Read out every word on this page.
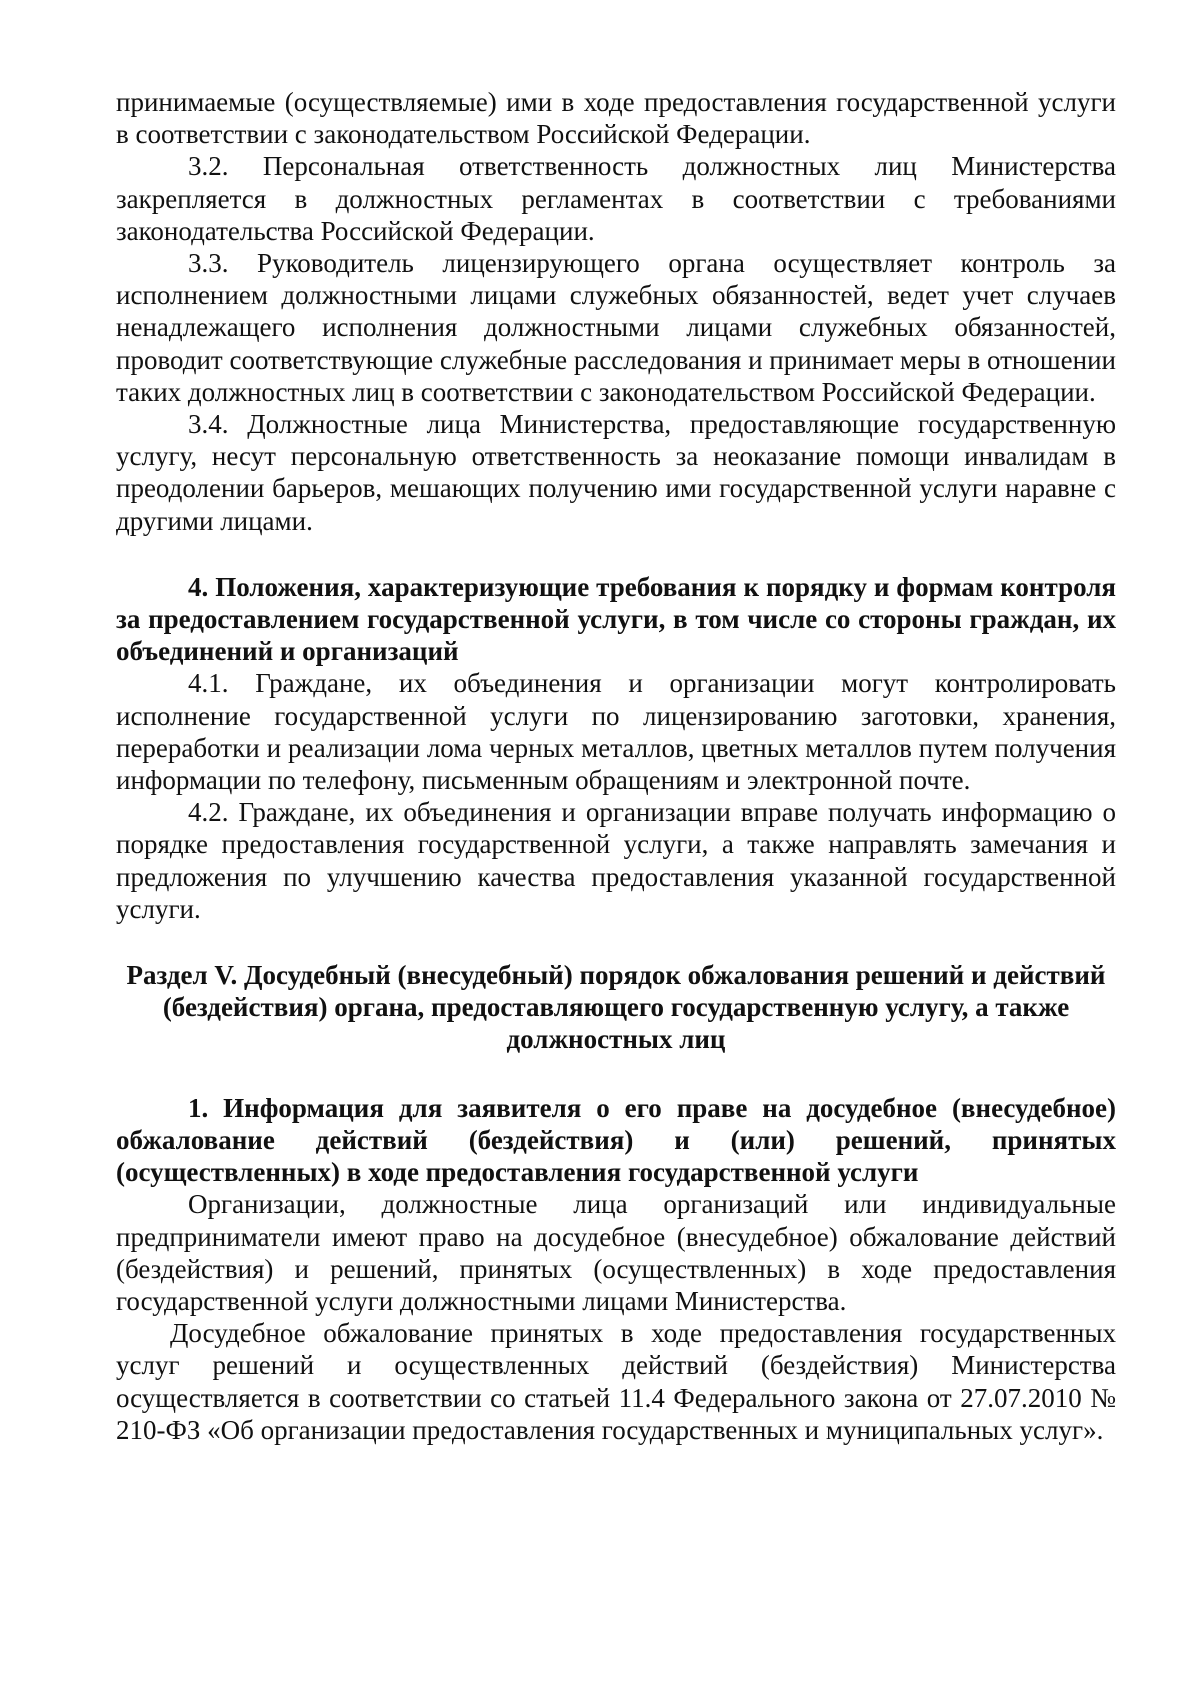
принимаемые (осуществляемые) ими в ходе предоставления государственной услуги в соответствии с законодательством Российской Федерации.

3.2. Персональная ответственность должностных лиц Министерства закрепляется в должностных регламентах в соответствии с требованиями законодательства Российской Федерации.

3.3. Руководитель лицензирующего органа осуществляет контроль за исполнением должностными лицами служебных обязанностей, ведет учет случаев ненадлежащего исполнения должностными лицами служебных обязанностей, проводит соответствующие служебные расследования и принимает меры в отношении таких должностных лиц в соответствии с законодательством Российской Федерации.

3.4. Должностные лица Министерства, предоставляющие государственную услугу, несут персональную ответственность за неоказание помощи инвалидам в преодолении барьеров, мешающих получению ими государственной услуги наравне с другими лицами.

4. Положения, характеризующие требования к порядку и формам контроля за предоставлением государственной услуги, в том числе со стороны граждан, их объединений и организаций

4.1. Граждане, их объединения и организации могут контролировать исполнение государственной услуги по лицензированию заготовки, хранения, переработки и реализации лома черных металлов, цветных металлов путем получения информации по телефону, письменным обращениям и электронной почте.

4.2. Граждане, их объединения и организации вправе получать информацию о порядке предоставления государственной услуги, а также направлять замечания и предложения по улучшению качества предоставления указанной государственной услуги.

Раздел V. Досудебный (внесудебный) порядок обжалования решений и действий (бездействия) органа, предоставляющего государственную услугу, а также должностных лиц

1. Информация для заявителя о его праве на досудебное (внесудебное) обжалование действий (бездействия) и (или) решений, принятых (осуществленных) в ходе предоставления государственной услуги

Организации, должностные лица организаций или индивидуальные предприниматели имеют право на досудебное (внесудебное) обжалование действий (бездействия) и решений, принятых (осуществленных) в ходе предоставления государственной услуги должностными лицами Министерства.

Досудебное обжалование принятых в ходе предоставления государственных услуг решений и осуществленных действий (бездействия) Министерства осуществляется в соответствии со статьей 11.4 Федерального закона от 27.07.2010 № 210-ФЗ «Об организации предоставления государственных и муниципальных услуг».
